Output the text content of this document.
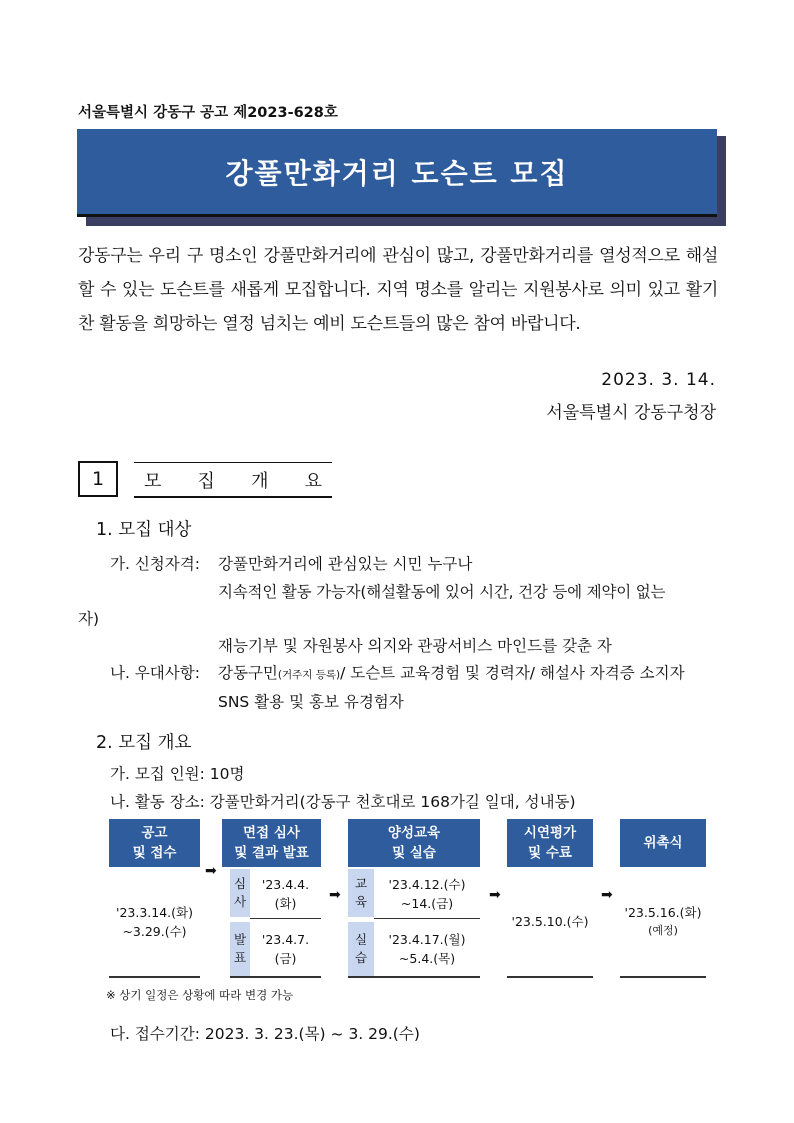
서울특별시 강동구 공고 제2023-628호
강풀만화거리 도슨트 모집
강동구는 우리 구 명소인 강풀만화거리에 관심이 많고, 강풀만화거리를 열성적으로 해설할 수 있는 도슨트를 새롭게 모집합니다. 지역 명소를 알리는 지원봉사로 의미 있고 활기찬 활동을 희망하는 열정 넘치는 예비 도슨트들의 많은 참여 바랍니다.
2023. 3. 14.
서울특별시 강동구청장
1	모 집 개 요
1. 모집 대상
가. 신청자격: 강풀만화거리에 관심있는 시민 누구나
지속적인 활동 가능자(해설활동에 있어 시간, 건강 등에 제약이 없는
자)
재능기부 및 자원봉사 의지와 관광서비스 마인드를 갖춘 자
나. 우대사항: 강동구민(거주지 등록)/ 도슨트 교육경험 및 경력자/ 해설사 자격증 소지자
SNS 활용 및 홍보 유경험자
2. 모집 개요
가. 모집 인원: 10명
나. 활동 장소: 강풀만화거리(강동구 천호대로 168가길 일대, 성내동)
공고
및 접수
'23.3.14.(화)
~3.29.(수)
➡
면접 심사
및 결과 발표
심
사
'23.4.4.
(화)
발
표
'23.4.7.
(금)
➡
양성교육
및 실습
교
육
'23.4.12.(수)
~14.(금)
실
습
'23.4.17.(월)
~5.4.(목)
➡
시연평가
및 수료
'23.5.10.(수)
➡
위촉식
'23.5.16.(화)
(예정)
※ 상기 일정은 상황에 따라 변경 가능
다. 접수기간: 2023. 3. 23.(목) ~ 3. 29.(수)
